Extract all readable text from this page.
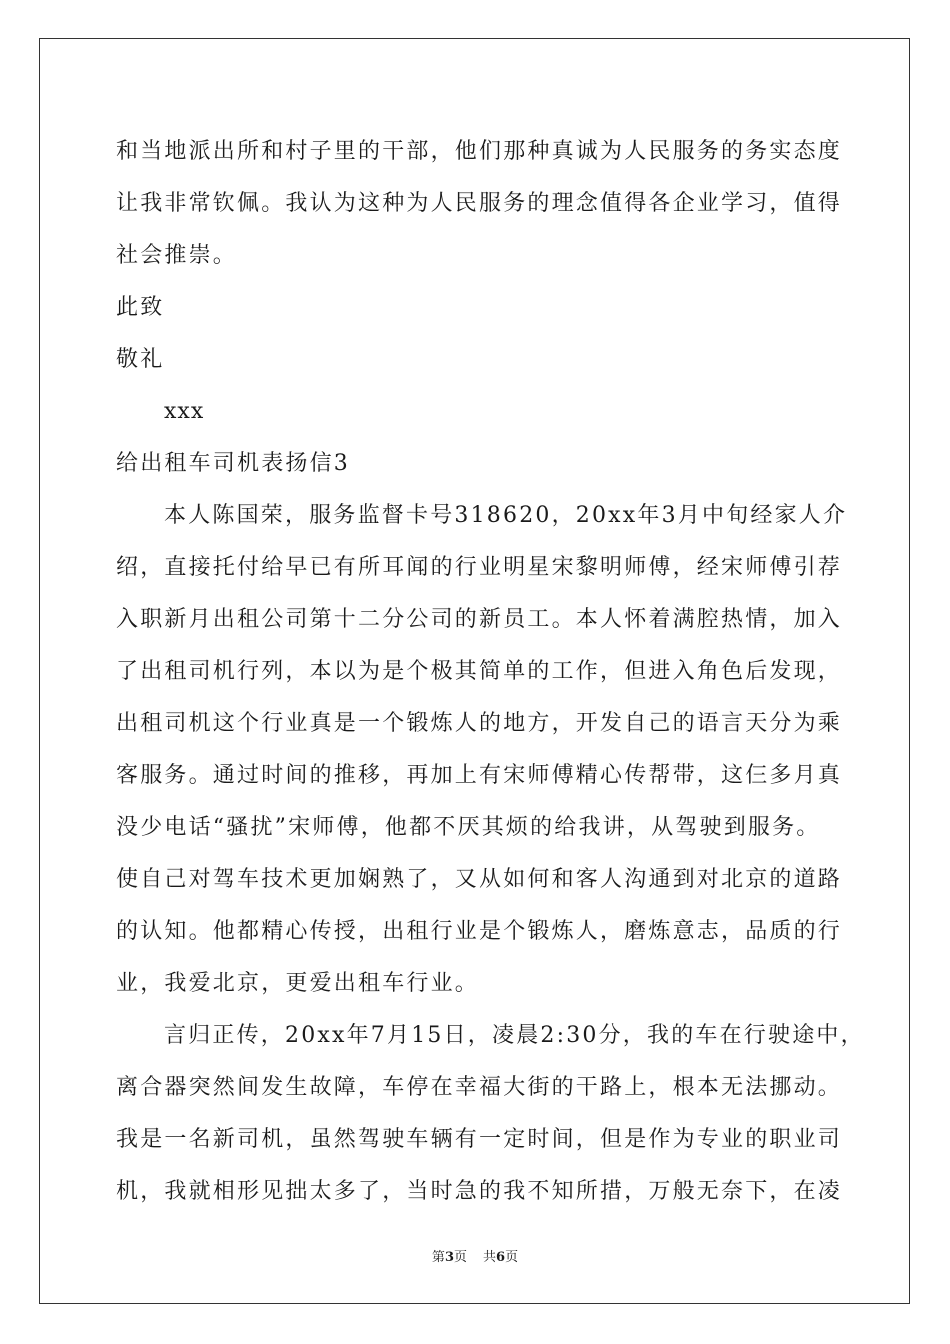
和当地派出所和村子里的干部，他们那种真诚为人民服务的务实态度
让我非常钦佩。我认为这种为人民服务的理念值得各企业学习，值得
社会推崇。
此致
敬礼
xxx
给出租车司机表扬信3
本人陈国荣，服务监督卡号318620，20xx年3月中旬经家人介
绍，直接托付给早已有所耳闻的行业明星宋黎明师傅，经宋师傅引荐
入职新月出租公司第十二分公司的新员工。本人怀着满腔热情，加入
了出租司机行列，本以为是个极其简单的工作，但进入角色后发现，
出租司机这个行业真是一个锻炼人的地方，开发自己的语言天分为乘
客服务。通过时间的推移，再加上有宋师傅精心传帮带，这仨多月真
没少电话“骚扰”宋师傅，他都不厌其烦的给我讲，从驾驶到服务。
使自己对驾车技术更加娴熟了，又从如何和客人沟通到对北京的道路
的认知。他都精心传授，出租行业是个锻炼人，磨炼意志，品质的行
业，我爱北京，更爱出租车行业。
言归正传，20xx年7月15日，凌晨2:30分，我的车在行驶途中，
离合器突然间发生故障，车停在幸福大街的干路上，根本无法挪动。
我是一名新司机，虽然驾驶车辆有一定时间，但是作为专业的职业司
机，我就相形见拙太多了，当时急的我不知所措，万般无奈下，在凌
第3页 共6页
